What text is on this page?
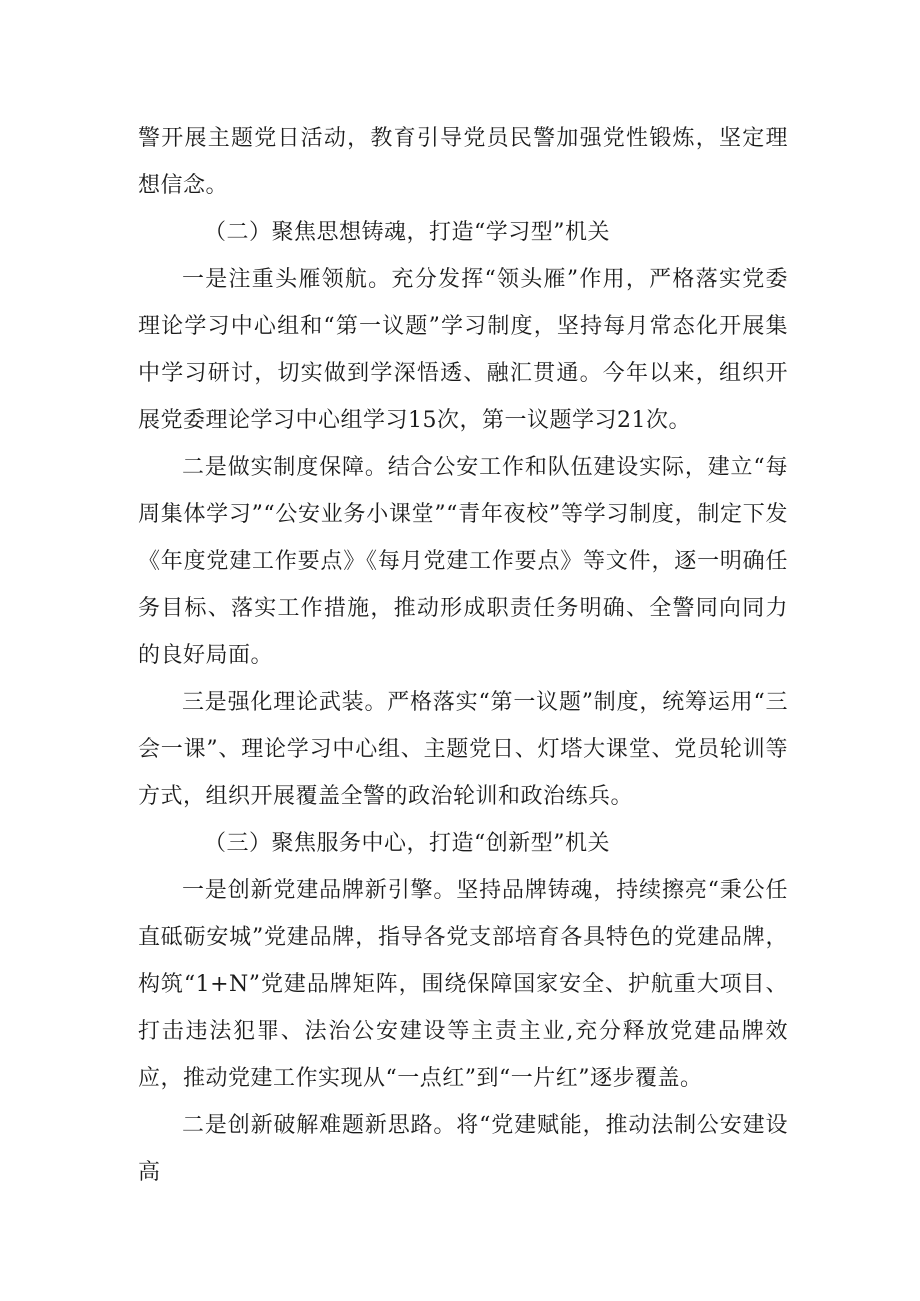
警开展主题党日活动，教育引导党员民警加强党性锻炼，坚定理想信念。

（二）聚焦思想铸魂，打造“学习型”机关

一是注重头雁领航。充分发挥“领头雁”作用，严格落实党委理论学习中心组和“第一议题”学习制度，坚持每月常态化开展集中学习研讨，切实做到学深悟透、融汇贯通。今年以来，组织开展党委理论学习中心组学习15次，第一议题学习21次。

二是做实制度保障。结合公安工作和队伍建设实际，建立“每周集体学习”“公安业务小课堂”“青年夜校”等学习制度，制定下发《年度党建工作要点》《每月党建工作要点》等文件，逐一明确任务目标、落实工作措施，推动形成职责任务明确、全警同向同力的良好局面。

三是强化理论武装。严格落实“第一议题”制度，统筹运用“三会一课”、理论学习中心组、主题党日、灯塔大课堂、党员轮训等方式，组织开展覆盖全警的政治轮训和政治练兵。

（三）聚焦服务中心，打造“创新型”机关

一是创新党建品牌新引擎。坚持品牌铸魂，持续擦亮“秉公任直砥砺安城”党建品牌，指导各党支部培育各具特色的党建品牌，构筑“1+N”党建品牌矩阵，围绕保障国家安全、护航重大项目、打击违法犯罪、法治公安建设等主责主业,充分释放党建品牌效应，推动党建工作实现从“一点红”到“一片红”逐步覆盖。

二是创新破解难题新思路。将“党建赋能，推动法制公安建设高
